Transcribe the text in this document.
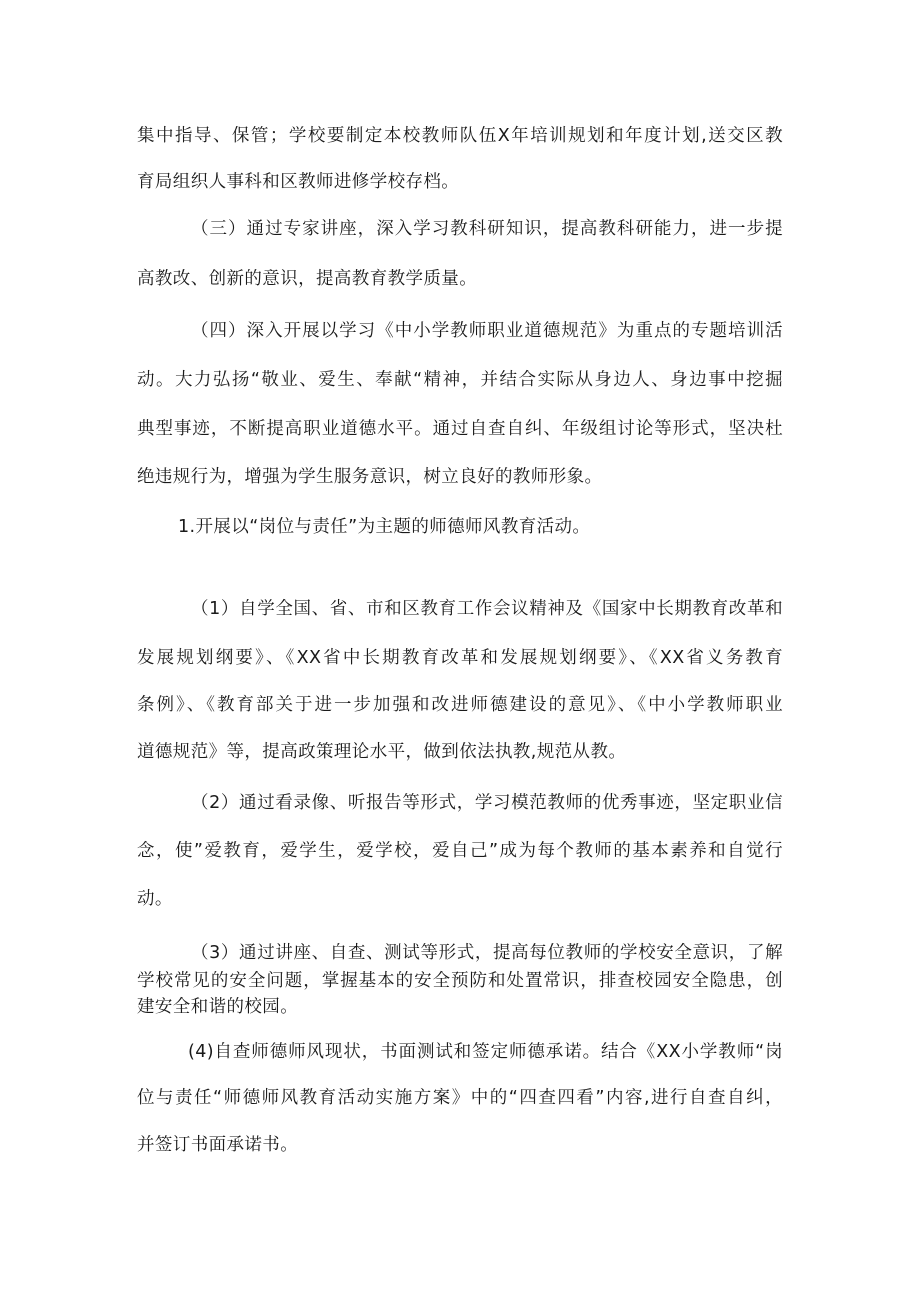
集中指导、保管；学校要制定本校教师队伍X年培训规划和年度计划,送交区教
育局组织人事科和区教师进修学校存档。
（三）通过专家讲座，深入学习教科研知识，提高教科研能力，进一步提
高教改、创新的意识，提高教育教学质量。
（四）深入开展以学习《中小学教师职业道德规范》为重点的专题培训活
动。大力弘扬“敬业、爱生、奉献“精神，并结合实际从身边人、身边事中挖掘
典型事迹，不断提高职业道德水平。通过自查自纠、年级组讨论等形式，坚决杜
绝违规行为，增强为学生服务意识，树立良好的教师形象。
1.开展以“岗位与责任”为主题的师德师风教育活动。
（1）自学全国、省、市和区教育工作会议精神及《国家中长期教育改革和
发展规划纲要》、《XX省中长期教育改革和发展规划纲要》、《XX省义务教育
条例》、《教育部关于进一步加强和改进师德建设的意见》、《中小学教师职业
道德规范》等，提高政策理论水平，做到依法执教,规范从教。
（2）通过看录像、听报告等形式，学习模范教师的优秀事迹，坚定职业信
念，使”爱教育，爱学生，爱学校，爱自己”成为每个教师的基本素养和自觉行
动。
（3）通过讲座、自查、测试等形式，提高每位教师的学校安全意识，了解
学校常见的安全问题，掌握基本的安全预防和处置常识，排查校园安全隐患，创
建安全和谐的校园。
(4)自查师德师风现状，书面测试和签定师德承诺。结合《XX小学教师“岗
位与责任“师德师风教育活动实施方案》中的“四查四看”内容,进行自查自纠，
并签订书面承诺书。
